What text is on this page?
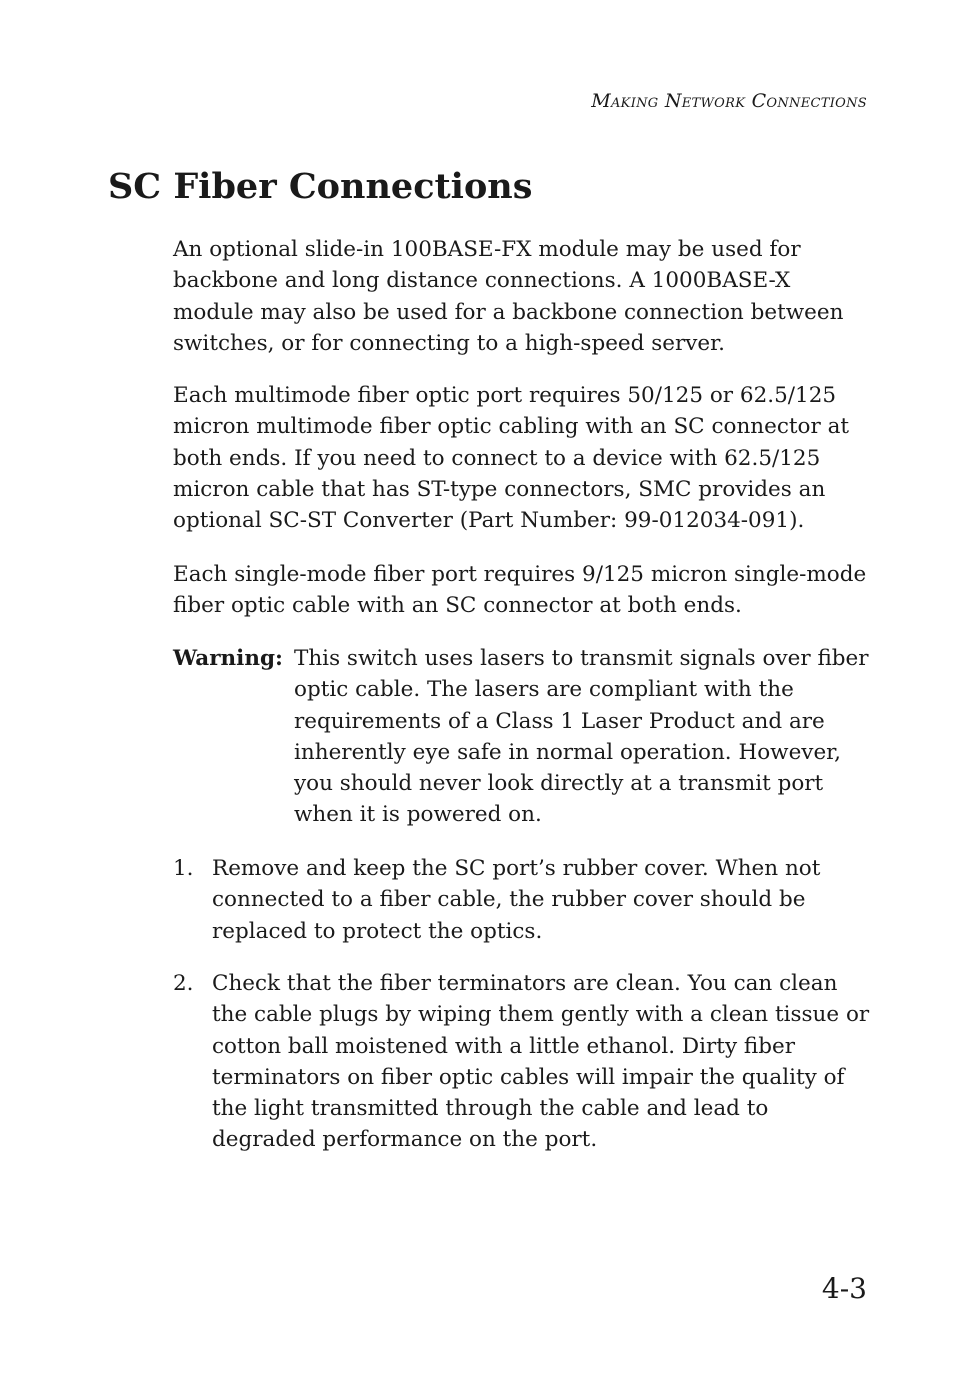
Making Network Connections
SC Fiber Connections

An optional slide-in 100BASE-FX module may be used for backbone and long distance connections. A 1000BASE-X module may also be used for a backbone connection between switches, or for connecting to a high-speed server.

Each multimode fiber optic port requires 50/125 or 62.5/125 micron multimode fiber optic cabling with an SC connector at both ends. If you need to connect to a device with 62.5/125 micron cable that has ST-type connectors, SMC provides an optional SC-ST Converter (Part Number: 99-012034-091).

Each single-mode fiber port requires 9/125 micron single-mode fiber optic cable with an SC connector at both ends.

Warning: This switch uses lasers to transmit signals over fiber optic cable. The lasers are compliant with the requirements of a Class 1 Laser Product and are inherently eye safe in normal operation. However, you should never look directly at a transmit port when it is powered on.
1. Remove and keep the SC port’s rubber cover. When not connected to a fiber cable, the rubber cover should be replaced to protect the optics.
2. Check that the fiber terminators are clean. You can clean the cable plugs by wiping them gently with a clean tissue or cotton ball moistened with a little ethanol. Dirty fiber terminators on fiber optic cables will impair the quality of the light transmitted through the cable and lead to degraded performance on the port.
4-3
